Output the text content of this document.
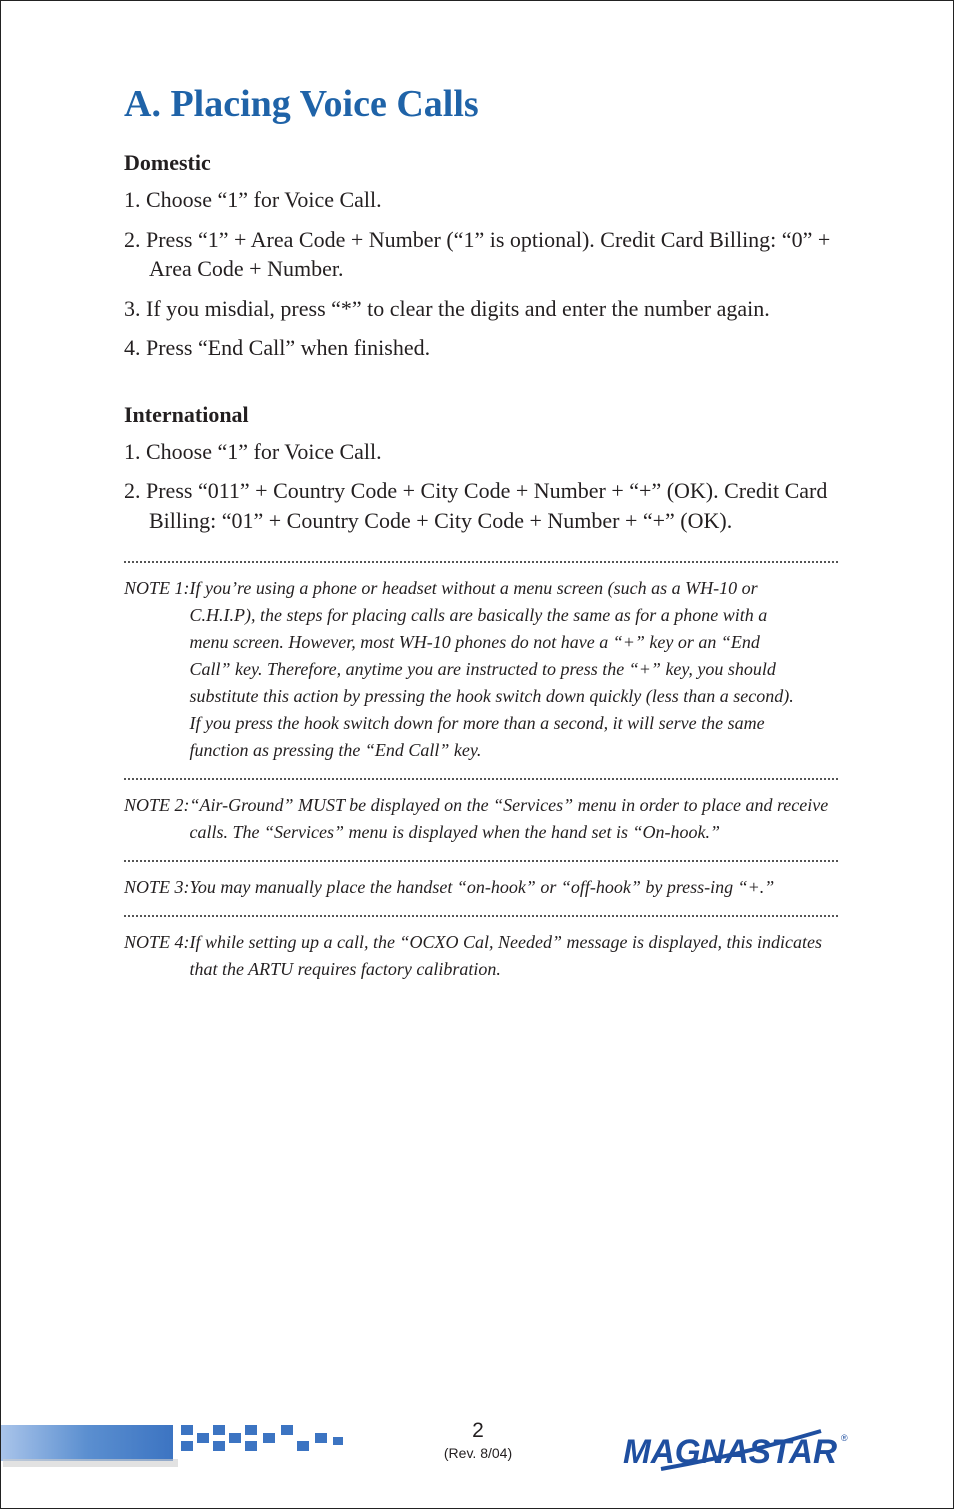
A. Placing Voice Calls

Domestic

1. Choose “1” for Voice Call.

2. Press “1” + Area Code + Number (“1” is optional). Credit Card Billing: “0” + Area Code + Number.

3. If you misdial, press “*” to clear the digits and enter the number again.

4. Press “End Call” when finished.

International

1. Choose “1” for Voice Call.

2. Press “011” + Country Code + City Code + Number + “+” (OK). Credit Card Billing: “01” + Country Code + City Code + Number + “+” (OK).

NOTE 1: If you’re using a phone or headset without a menu screen (such as a WH-10 or C.H.I.P), the steps for placing calls are basically the same as for a phone with a menu screen. However, most WH-10 phones do not have a “+” key or an “End Call” key. Therefore, anytime you are instructed to press the “+” key, you should substitute this action by pressing the hook switch down quickly (less than a second). If you press the hook switch down for more than a second, it will serve the same function as pressing the “End Call” key.
NOTE 2: “Air-Ground” MUST be displayed on the “Services” menu in order to place and receive calls. The “Services” menu is displayed when the hand set is “On-hook.”
NOTE 3: You may manually place the handset “on-hook” or “off-hook” by press-ing “+.”
NOTE 4: If while setting up a call, the “OCXO Cal, Needed” message is displayed, this indicates that the ARTU requires factory calibration.
2
(Rev. 8/04)	MAGNASTAR ®
